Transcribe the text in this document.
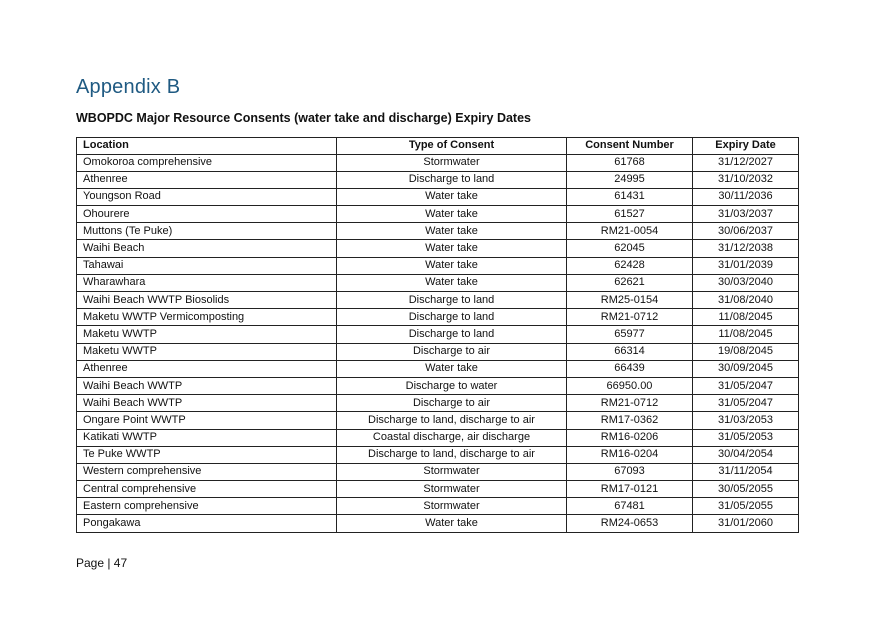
Appendix B
WBOPDC Major Resource Consents (water take and discharge) Expiry Dates
Location	Type of Consent	Consent Number	Expiry Date
Omokoroa comprehensive	Stormwater	61768	31/12/2027
Athenree	Discharge to land	24995	31/10/2032
Youngson Road	Water take	61431	30/11/2036
Ohourere	Water take	61527	31/03/2037
Muttons (Te Puke)	Water take	RM21-0054	30/06/2037
Waihi Beach	Water take	62045	31/12/2038
Tahawai	Water take	62428	31/01/2039
Wharawhara	Water take	62621	30/03/2040
Waihi Beach WWTP Biosolids	Discharge to land	RM25-0154	31/08/2040
Maketu WWTP Vermicomposting	Discharge to land	RM21-0712	11/08/2045
Maketu WWTP	Discharge to land	65977	11/08/2045
Maketu WWTP	Discharge to air	66314	19/08/2045
Athenree	Water take	66439	30/09/2045
Waihi Beach WWTP	Discharge to water	66950.00	31/05/2047
Waihi Beach WWTP	Discharge to air	RM21-0712	31/05/2047
Ongare Point WWTP	Discharge to land, discharge to air	RM17-0362	31/03/2053
Katikati WWTP	Coastal discharge, air discharge	RM16-0206	31/05/2053
Te Puke WWTP	Discharge to land, discharge to air	RM16-0204	30/04/2054
Western comprehensive	Stormwater	67093	31/11/2054
Central comprehensive	Stormwater	RM17-0121	30/05/2055
Eastern comprehensive	Stormwater	67481	31/05/2055
Pongakawa	Water take	RM24-0653	31/01/2060
Page | 47
